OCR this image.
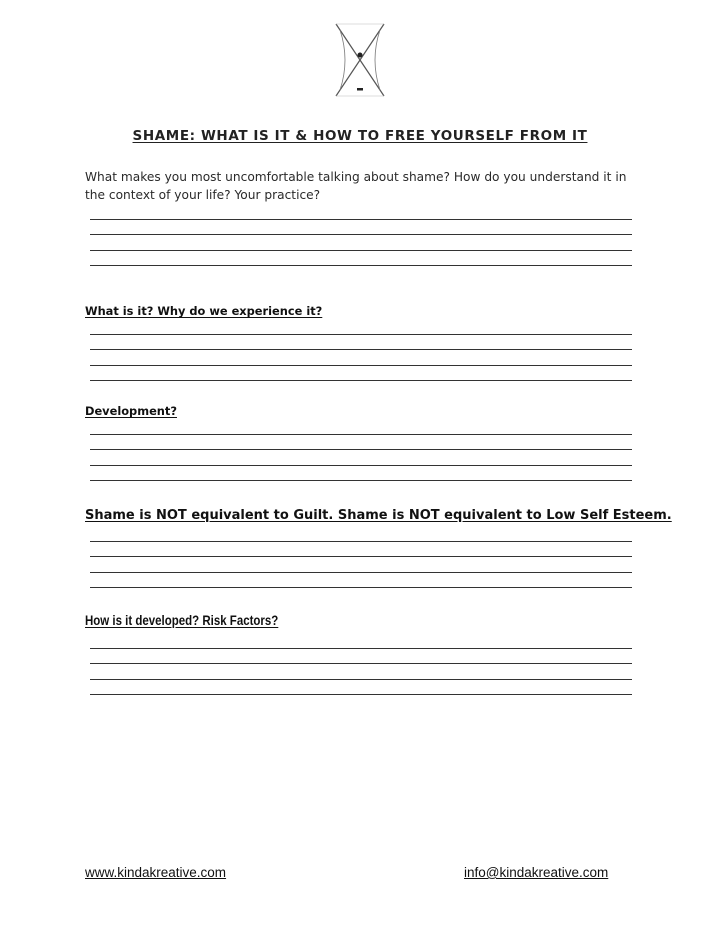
SHAME: WHAT IS IT & HOW TO FREE YOURSELF FROM IT
What makes you most uncomfortable talking about shame? How do you understand it in the context of your life? Your practice?
What is it? Why do we experience it?
Development?
Shame is NOT equivalent to Guilt. Shame is NOT equivalent to Low Self Esteem.
How is it developed? Risk Factors?
www.kindakreative.com	info@kindakreative.com
